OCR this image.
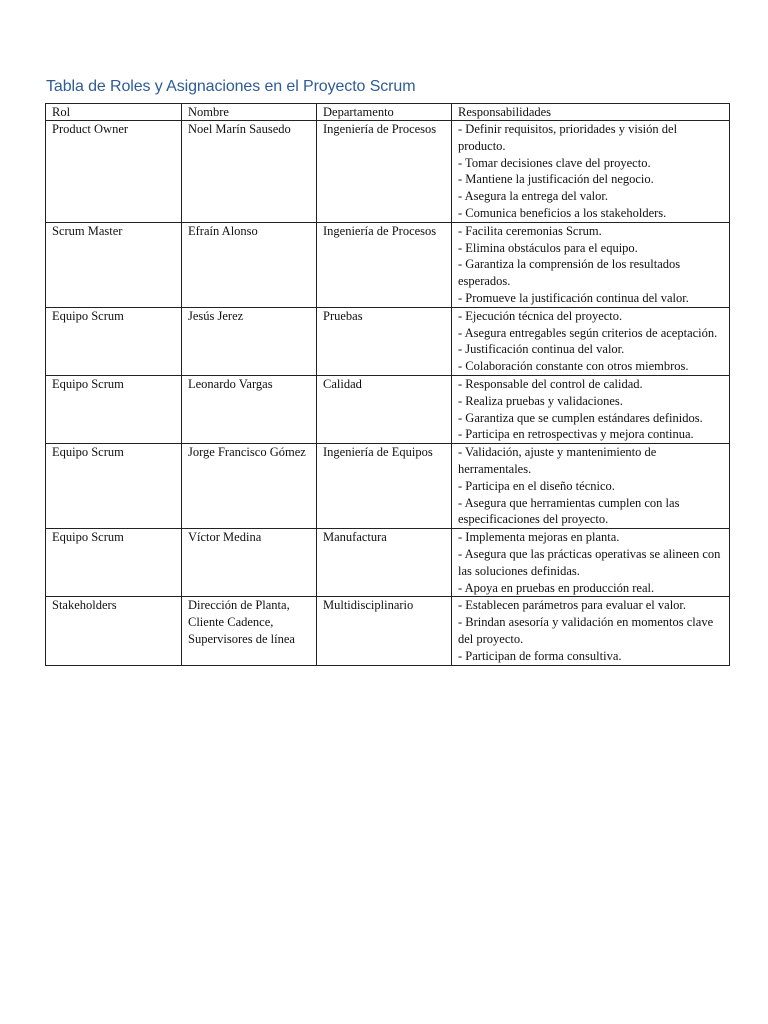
Tabla de Roles y Asignaciones en el Proyecto Scrum
Rol	Nombre	Departamento	Responsabilidades
Product Owner	Noel Marín Sausedo	Ingeniería de Procesos	- Definir requisitos, prioridades y visión del producto.
- Tomar decisiones clave del proyecto.
- Mantiene la justificación del negocio.
- Asegura la entrega del valor.
- Comunica beneficios a los stakeholders.

Scrum Master	Efraín Alonso	Ingeniería de Procesos	- Facilita ceremonias Scrum.
- Elimina obstáculos para el equipo.
- Garantiza la comprensión de los resultados esperados.
- Promueve la justificación continua del valor.

Equipo Scrum	Jesús Jerez	Pruebas	- Ejecución técnica del proyecto.
- Asegura entregables según criterios de aceptación.
- Justificación continua del valor.
- Colaboración constante con otros miembros.

Equipo Scrum	Leonardo Vargas	Calidad	- Responsable del control de calidad.
- Realiza pruebas y validaciones.
- Garantiza que se cumplen estándares definidos.
- Participa en retrospectivas y mejora continua.

Equipo Scrum	Jorge Francisco Gómez	Ingeniería de Equipos	- Validación, ajuste y mantenimiento de herramentales.
- Participa en el diseño técnico.
- Asegura que herramientas cumplen con las especificaciones del proyecto.

Equipo Scrum	Víctor Medina	Manufactura	- Implementa mejoras en planta.
- Asegura que las prácticas operativas se alineen con las soluciones definidas.
- Apoya en pruebas en producción real.

Stakeholders	Dirección de Planta, Cliente Cadence, Supervisores de línea	Multidisciplinario	- Establecen parámetros para evaluar el valor.
- Brindan asesoría y validación en momentos clave del proyecto.
- Participan de forma consultiva.
